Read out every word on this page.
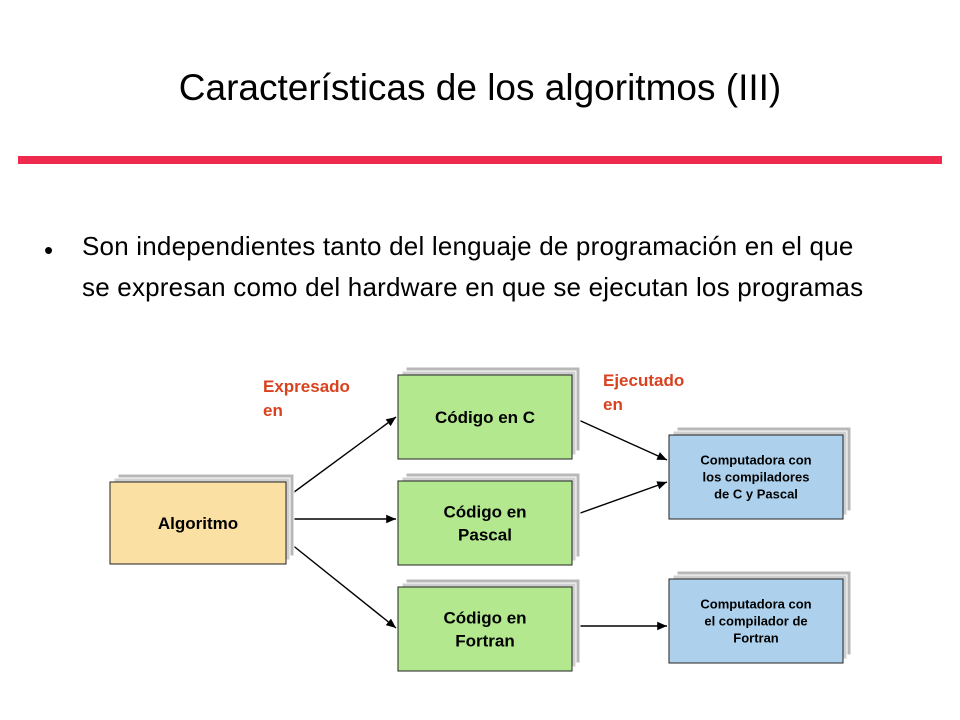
Características de los algoritmos (III)
• Son independientes tanto del lenguaje de programación en el que se expresan como del hardware en que se ejecutan los programas
Algoritmo
Código en C
Código en Pascal
Código en Fortran
Computadora con los compiladores de C y Pascal
Computadora con el compilador de Fortran
Expresado en
Ejecutado en
